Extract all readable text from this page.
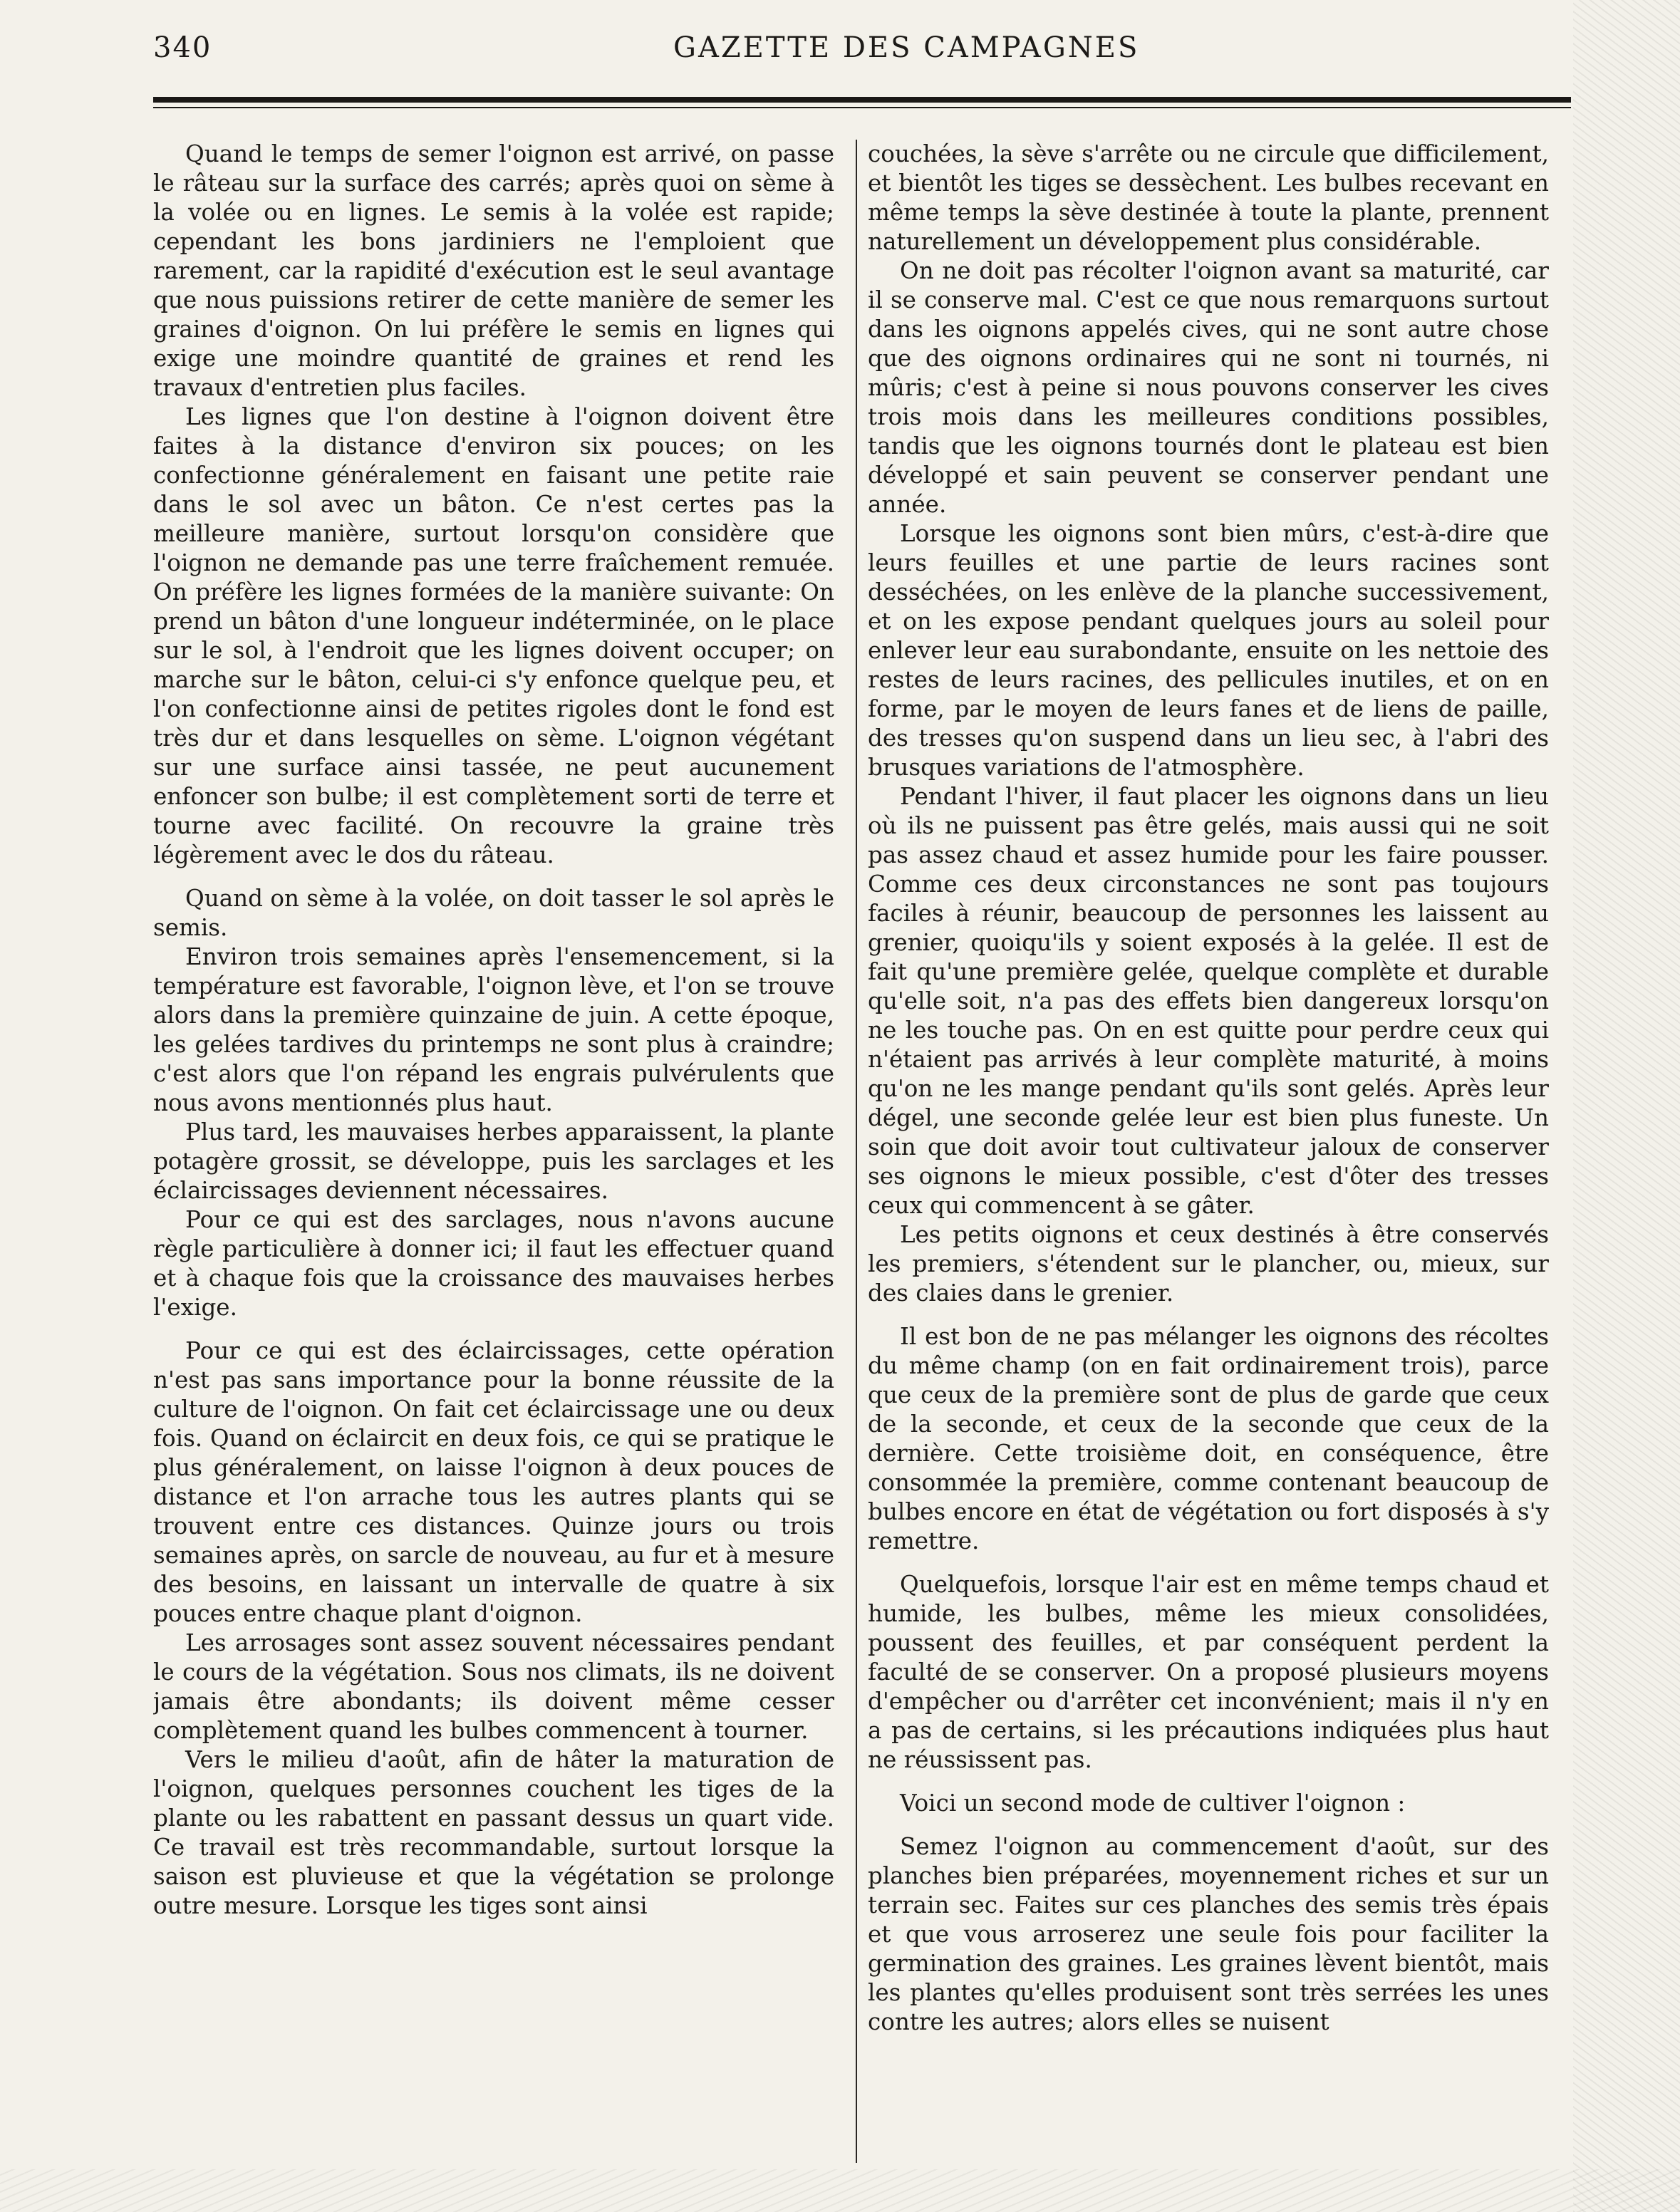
340	GAZETTE DES CAMPAGNES

Quand le temps de semer l'oignon est arrivé, on passe le râteau sur la surface des carrés; après quoi on sème à la volée ou en lignes. Le semis à la volée est rapide; cependant les bons jardiniers ne l'emploient que rarement, car la rapidité d'exécution est le seul avantage que nous puissions retirer de cette manière de semer les graines d'oignon. On lui préfère le semis en lignes qui exige une moindre quantité de graines et rend les travaux d'entretien plus faciles.

Les lignes que l'on destine à l'oignon doivent être faites à la distance d'environ six pouces; on les confectionne généralement en faisant une petite raie dans le sol avec un bâton. Ce n'est certes pas la meilleure manière, surtout lorsqu'on considère que l'oignon ne demande pas une terre fraîchement remuée. On préfère les lignes formées de la manière suivante: On prend un bâton d'une longueur indéterminée, on le place sur le sol, à l'endroit que les lignes doivent occuper; on marche sur le bâton, celui-ci s'y enfonce quelque peu, et l'on confectionne ainsi de petites rigoles dont le fond est très dur et dans lesquelles on sème. L'oignon végétant sur une surface ainsi tassée, ne peut aucunement enfoncer son bulbe; il est complètement sorti de terre et tourne avec facilité. On recouvre la graine très légèrement avec le dos du râteau.

Quand on sème à la volée, on doit tasser le sol après le semis.

Environ trois semaines après l'ensemencement, si la température est favorable, l'oignon lève, et l'on se trouve alors dans la première quinzaine de juin. A cette époque, les gelées tardives du printemps ne sont plus à craindre; c'est alors que l'on répand les engrais pulvérulents que nous avons mentionnés plus haut.

Plus tard, les mauvaises herbes apparaissent, la plante potagère grossit, se développe, puis les sarclages et les éclaircissages deviennent nécessaires.

Pour ce qui est des sarclages, nous n'avons aucune règle particulière à donner ici; il faut les effectuer quand et à chaque fois que la croissance des mauvaises herbes l'exige.

Pour ce qui est des éclaircissages, cette opération n'est pas sans importance pour la bonne réussite de la culture de l'oignon. On fait cet éclaircissage une ou deux fois. Quand on éclaircit en deux fois, ce qui se pratique le plus généralement, on laisse l'oignon à deux pouces de distance et l'on arrache tous les autres plants qui se trouvent entre ces distances. Quinze jours ou trois semaines après, on sarcle de nouveau, au fur et à mesure des besoins, en laissant un intervalle de quatre à six pouces entre chaque plant d'oignon.

Les arrosages sont assez souvent nécessaires pendant le cours de la végétation. Sous nos climats, ils ne doivent jamais être abondants; ils doivent même cesser complètement quand les bulbes commencent à tourner.

Vers le milieu d'août, afin de hâter la maturation de l'oignon, quelques personnes couchent les tiges de la plante ou les rabattent en passant dessus un quart vide. Ce travail est très recommandable, surtout lorsque la saison est pluvieuse et que la végétation se prolonge outre mesure. Lorsque les tiges sont ainsi

couchées, la sève s'arrête ou ne circule que difficilement, et bientôt les tiges se dessèchent. Les bulbes recevant en même temps la sève destinée à toute la plante, prennent naturellement un développement plus considérable.

On ne doit pas récolter l'oignon avant sa maturité, car il se conserve mal. C'est ce que nous remarquons surtout dans les oignons appelés cives, qui ne sont autre chose que des oignons ordinaires qui ne sont ni tournés, ni mûris; c'est à peine si nous pouvons conserver les cives trois mois dans les meilleures conditions possibles, tandis que les oignons tournés dont le plateau est bien développé et sain peuvent se conserver pendant une année.

Lorsque les oignons sont bien mûrs, c'est-à-dire que leurs feuilles et une partie de leurs racines sont desséchées, on les enlève de la planche successivement, et on les expose pendant quelques jours au soleil pour enlever leur eau surabondante, ensuite on les nettoie des restes de leurs racines, des pellicules inutiles, et on en forme, par le moyen de leurs fanes et de liens de paille, des tresses qu'on suspend dans un lieu sec, à l'abri des brusques variations de l'atmosphère.

Pendant l'hiver, il faut placer les oignons dans un lieu où ils ne puissent pas être gelés, mais aussi qui ne soit pas assez chaud et assez humide pour les faire pousser. Comme ces deux circonstances ne sont pas toujours faciles à réunir, beaucoup de personnes les laissent au grenier, quoiqu'ils y soient exposés à la gelée. Il est de fait qu'une première gelée, quelque complète et durable qu'elle soit, n'a pas des effets bien dangereux lorsqu'on ne les touche pas. On en est quitte pour perdre ceux qui n'étaient pas arrivés à leur complète maturité, à moins qu'on ne les mange pendant qu'ils sont gelés. Après leur dégel, une seconde gelée leur est bien plus funeste. Un soin que doit avoir tout cultivateur jaloux de conserver ses oignons le mieux possible, c'est d'ôter des tresses ceux qui commencent à se gâter.

Les petits oignons et ceux destinés à être conservés les premiers, s'étendent sur le plancher, ou, mieux, sur des claies dans le grenier.

Il est bon de ne pas mélanger les oignons des récoltes du même champ (on en fait ordinairement trois), parce que ceux de la première sont de plus de garde que ceux de la seconde, et ceux de la seconde que ceux de la dernière. Cette troisième doit, en conséquence, être consommée la première, comme contenant beaucoup de bulbes encore en état de végétation ou fort disposés à s'y remettre.

Quelquefois, lorsque l'air est en même temps chaud et humide, les bulbes, même les mieux consolidées, poussent des feuilles, et par conséquent perdent la faculté de se conserver. On a proposé plusieurs moyens d'empêcher ou d'arrêter cet inconvénient; mais il n'y en a pas de certains, si les précautions indiquées plus haut ne réussissent pas.

Voici un second mode de cultiver l'oignon :

Semez l'oignon au commencement d'août, sur des planches bien préparées, moyennement riches et sur un terrain sec. Faites sur ces planches des semis très épais et que vous arroserez une seule fois pour faciliter la germination des graines. Les graines lèvent bientôt, mais les plantes qu'elles produisent sont très serrées les unes contre les autres; alors elles se nuisent
